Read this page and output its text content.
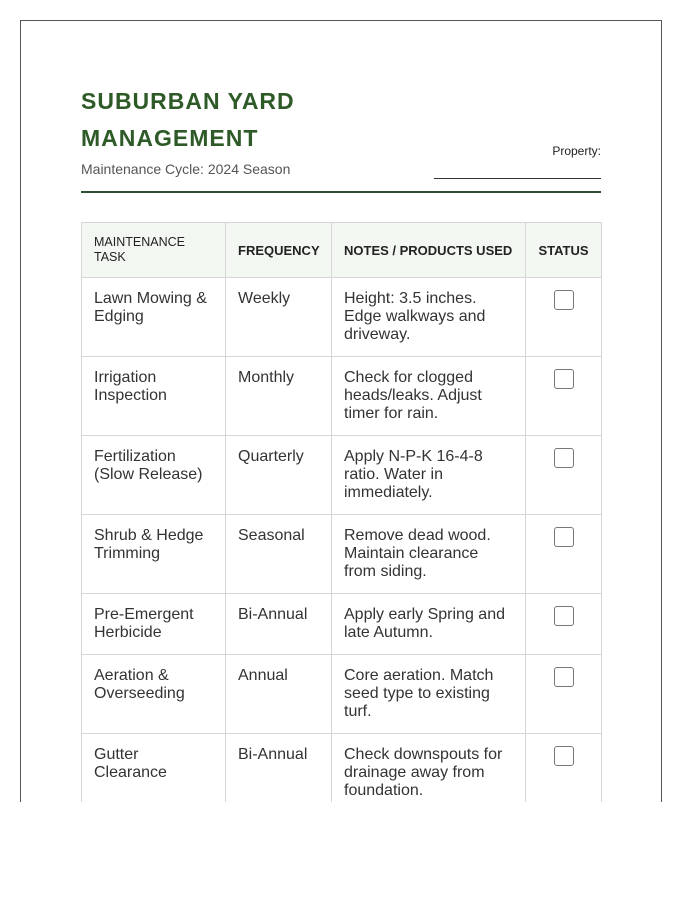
SUBURBAN YARD MANAGEMENT
Maintenance Cycle: 2024 Season
Property:
MAINTENANCE TASK	FREQUENCY	NOTES / PRODUCTS USED	STATUS
Lawn Mowing & Edging	Weekly	Height: 3.5 inches. Edge walkways and driveway.	
Irrigation Inspection	Monthly	Check for clogged heads/leaks. Adjust timer for rain.	
Fertilization (Slow Release)	Quarterly	Apply N-P-K 16-4-8 ratio. Water in immediately.	
Shrub & Hedge Trimming	Seasonal	Remove dead wood. Maintain clearance from siding.	
Pre-Emergent Herbicide	Bi-Annual	Apply early Spring and late Autumn.	
Aeration & Overseeding	Annual	Core aeration. Match seed type to existing turf.	
Gutter Clearance	Bi-Annual	Check downspouts for drainage away from foundation.	
